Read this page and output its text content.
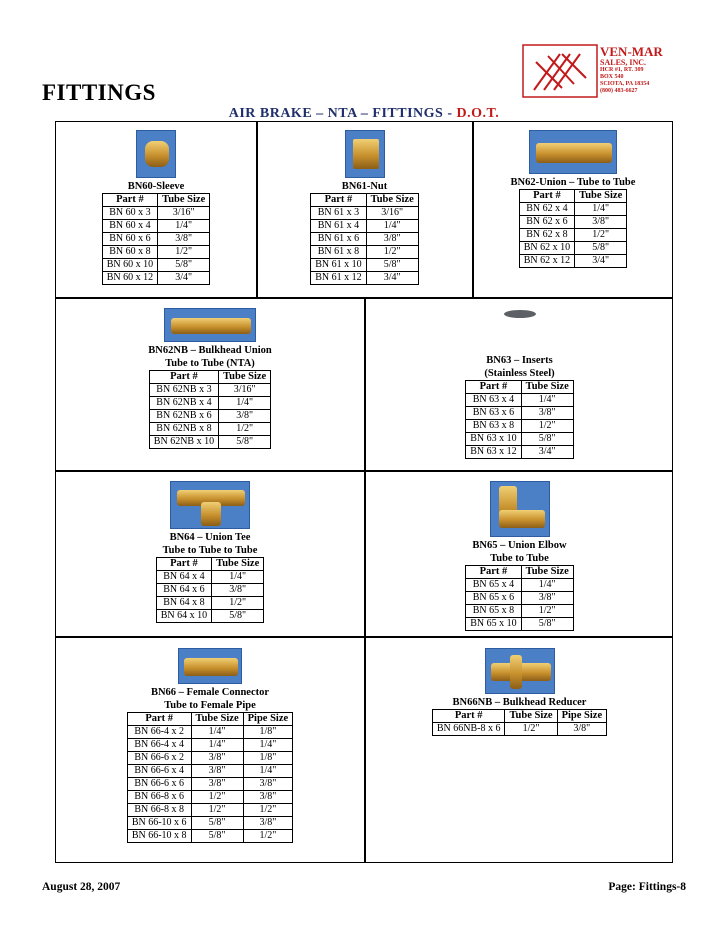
FITTINGS
VEN-MAR
SALES, INC.
HCR #1, RT. 309
BOX 540
SCIOTA, PA 18354
(800) 483-6627
AIR BRAKE – NTA – FITTINGS - D.O.T.
BN60-Sleeve
Part #	Tube Size
BN 60 x 3	3/16"
BN 60 x 4	1/4"
BN 60 x 6	3/8"
BN 60 x 8	1/2"
BN 60 x 10	5/8"
BN 60 x 12	3/4"
BN61-Nut
Part #	Tube Size
BN 61 x 3	3/16"
BN 61 x 4	1/4"
BN 61 x 6	3/8"
BN 61 x 8	1/2"
BN 61 x 10	5/8"
BN 61 x 12	3/4"
BN62-Union – Tube to Tube
Part #	Tube Size
BN 62 x 4	1/4"
BN 62 x 6	3/8"
BN 62 x 8	1/2"
BN 62 x 10	5/8"
BN 62 x 12	3/4"
BN62NB – Bulkhead Union
Tube to Tube (NTA)
Part #	Tube Size
BN 62NB x 3	3/16"
BN 62NB x 4	1/4"
BN 62NB x 6	3/8"
BN 62NB x 8	1/2"
BN 62NB x 10	5/8"
BN63 – Inserts
(Stainless Steel)
Part #	Tube Size
BN 63 x 4	1/4"
BN 63 x 6	3/8"
BN 63 x 8	1/2"
BN 63 x 10	5/8"
BN 63 x 12	3/4"
BN64 – Union Tee
Tube to Tube to Tube
Part #	Tube Size
BN 64 x 4	1/4"
BN 64 x 6	3/8"
BN 64 x 8	1/2"
BN 64 x 10	5/8"
BN65 – Union Elbow
Tube to Tube
Part #	Tube Size
BN 65 x 4	1/4"
BN 65 x 6	3/8"
BN 65 x 8	1/2"
BN 65 x 10	5/8"
BN66 – Female Connector
Tube to Female Pipe
Part #	Tube Size	Pipe Size
BN 66-4 x 2	1/4"	1/8"
BN 66-4 x 4	1/4"	1/4"
BN 66-6 x 2	3/8"	1/8"
BN 66-6 x 4	3/8"	1/4"
BN 66-6 x 6	3/8"	3/8"
BN 66-8 x 6	1/2"	3/8"
BN 66-8 x 8	1/2"	1/2"
BN 66-10 x 6	5/8"	3/8"
BN 66-10 x 8	5/8"	1/2"
BN66NB – Bulkhead Reducer
Part #	Tube Size	Pipe Size
BN 66NB-8 x 6	1/2"	3/8"
August 28, 2007	Page: Fittings-8
